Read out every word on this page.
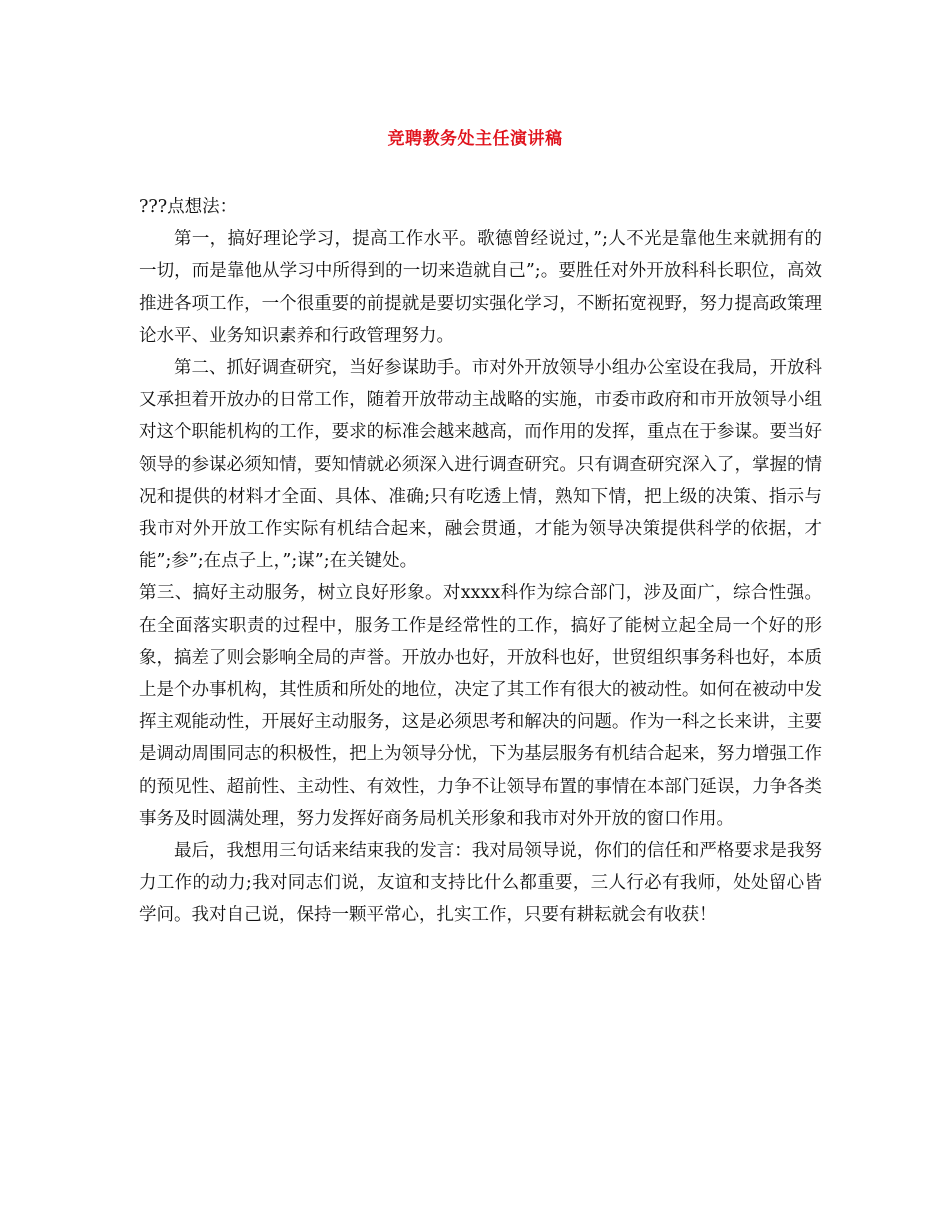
竞聘教务处主任演讲稿

???点想法：

第一，搞好理论学习，提高工作水平。歌德曾经说过，”;人不光是靠他生来就拥有的一切，而是靠他从学习中所得到的一切来造就自己”;。要胜任对外开放科科长职位，高效推进各项工作，一个很重要的前提就是要切实强化学习，不断拓宽视野，努力提高政策理论水平、业务知识素养和行政管理努力。

第二、抓好调查研究，当好参谋助手。市对外开放领导小组办公室设在我局，开放科又承担着开放办的日常工作，随着开放带动主战略的实施，市委市政府和市开放领导小组对这个职能机构的工作，要求的标准会越来越高，而作用的发挥，重点在于参谋。要当好领导的参谋必须知情，要知情就必须深入进行调查研究。只有调查研究深入了，掌握的情况和提供的材料才全面、具体、准确;只有吃透上情，熟知下情，把上级的决策、指示与我市对外开放工作实际有机结合起来，融会贯通，才能为领导决策提供科学的依据，才能”;参”;在点子上，”;谋”;在关键处。

第三、搞好主动服务，树立良好形象。对xxxx科作为综合部门，涉及面广，综合性强。在全面落实职责的过程中，服务工作是经常性的工作，搞好了能树立起全局一个好的形象，搞差了则会影响全局的声誉。开放办也好，开放科也好，世贸组织事务科也好，本质上是个办事机构，其性质和所处的地位，决定了其工作有很大的被动性。如何在被动中发挥主观能动性，开展好主动服务，这是必须思考和解决的问题。作为一科之长来讲，主要是调动周围同志的积极性，把上为领导分忧，下为基层服务有机结合起来，努力增强工作的预见性、超前性、主动性、有效性，力争不让领导布置的事情在本部门延误，力争各类事务及时圆满处理，努力发挥好商务局机关形象和我市对外开放的窗口作用。

最后，我想用三句话来结束我的发言：我对局领导说，你们的信任和严格要求是我努力工作的动力;我对同志们说，友谊和支持比什么都重要，三人行必有我师，处处留心皆学问。我对自己说，保持一颗平常心，扎实工作，只要有耕耘就会有收获！
